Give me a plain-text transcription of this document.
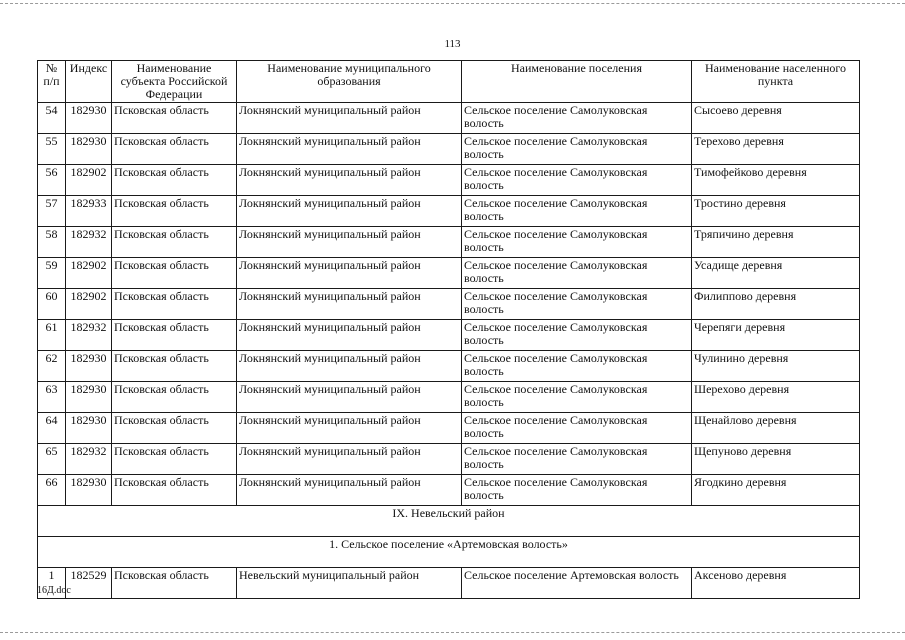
113
№ п/п	Индекс	Наименование субъекта Российской Федерации	Наименование муниципального образования	Наименование поселения	Наименование населенного пункта
54	182930	Псковская область	Локнянский муниципальный район	Сельское поселение Самолуковская волость	Сысоево деревня
55	182930	Псковская область	Локнянский муниципальный район	Сельское поселение Самолуковская волость	Терехово деревня
56	182902	Псковская область	Локнянский муниципальный район	Сельское поселение Самолуковская волость	Тимофейково деревня
57	182933	Псковская область	Локнянский муниципальный район	Сельское поселение Самолуковская волость	Тростино деревня
58	182932	Псковская область	Локнянский муниципальный район	Сельское поселение Самолуковская волость	Тряпичино деревня
59	182902	Псковская область	Локнянский муниципальный район	Сельское поселение Самолуковская волость	Усадище деревня
60	182902	Псковская область	Локнянский муниципальный район	Сельское поселение Самолуковская волость	Филиппово деревня
61	182932	Псковская область	Локнянский муниципальный район	Сельское поселение Самолуковская волость	Черепяги деревня
62	182930	Псковская область	Локнянский муниципальный район	Сельское поселение Самолуковская волость	Чулинино деревня
63	182930	Псковская область	Локнянский муниципальный район	Сельское поселение Самолуковская волость	Шерехово деревня
64	182930	Псковская область	Локнянский муниципальный район	Сельское поселение Самолуковская волость	Щенайлово деревня
65	182932	Псковская область	Локнянский муниципальный район	Сельское поселение Самолуковская волость	Щепуново деревня
66	182930	Псковская область	Локнянский муниципальный район	Сельское поселение Самолуковская волость	Ягодкино деревня
IX. Невельский район					
1. Сельское поселение «Артемовская волость»					
1	182529	Псковская область	Невельский муниципальный район	Сельское поселение Артемовская волость	Аксеново деревня
16Д.doc
